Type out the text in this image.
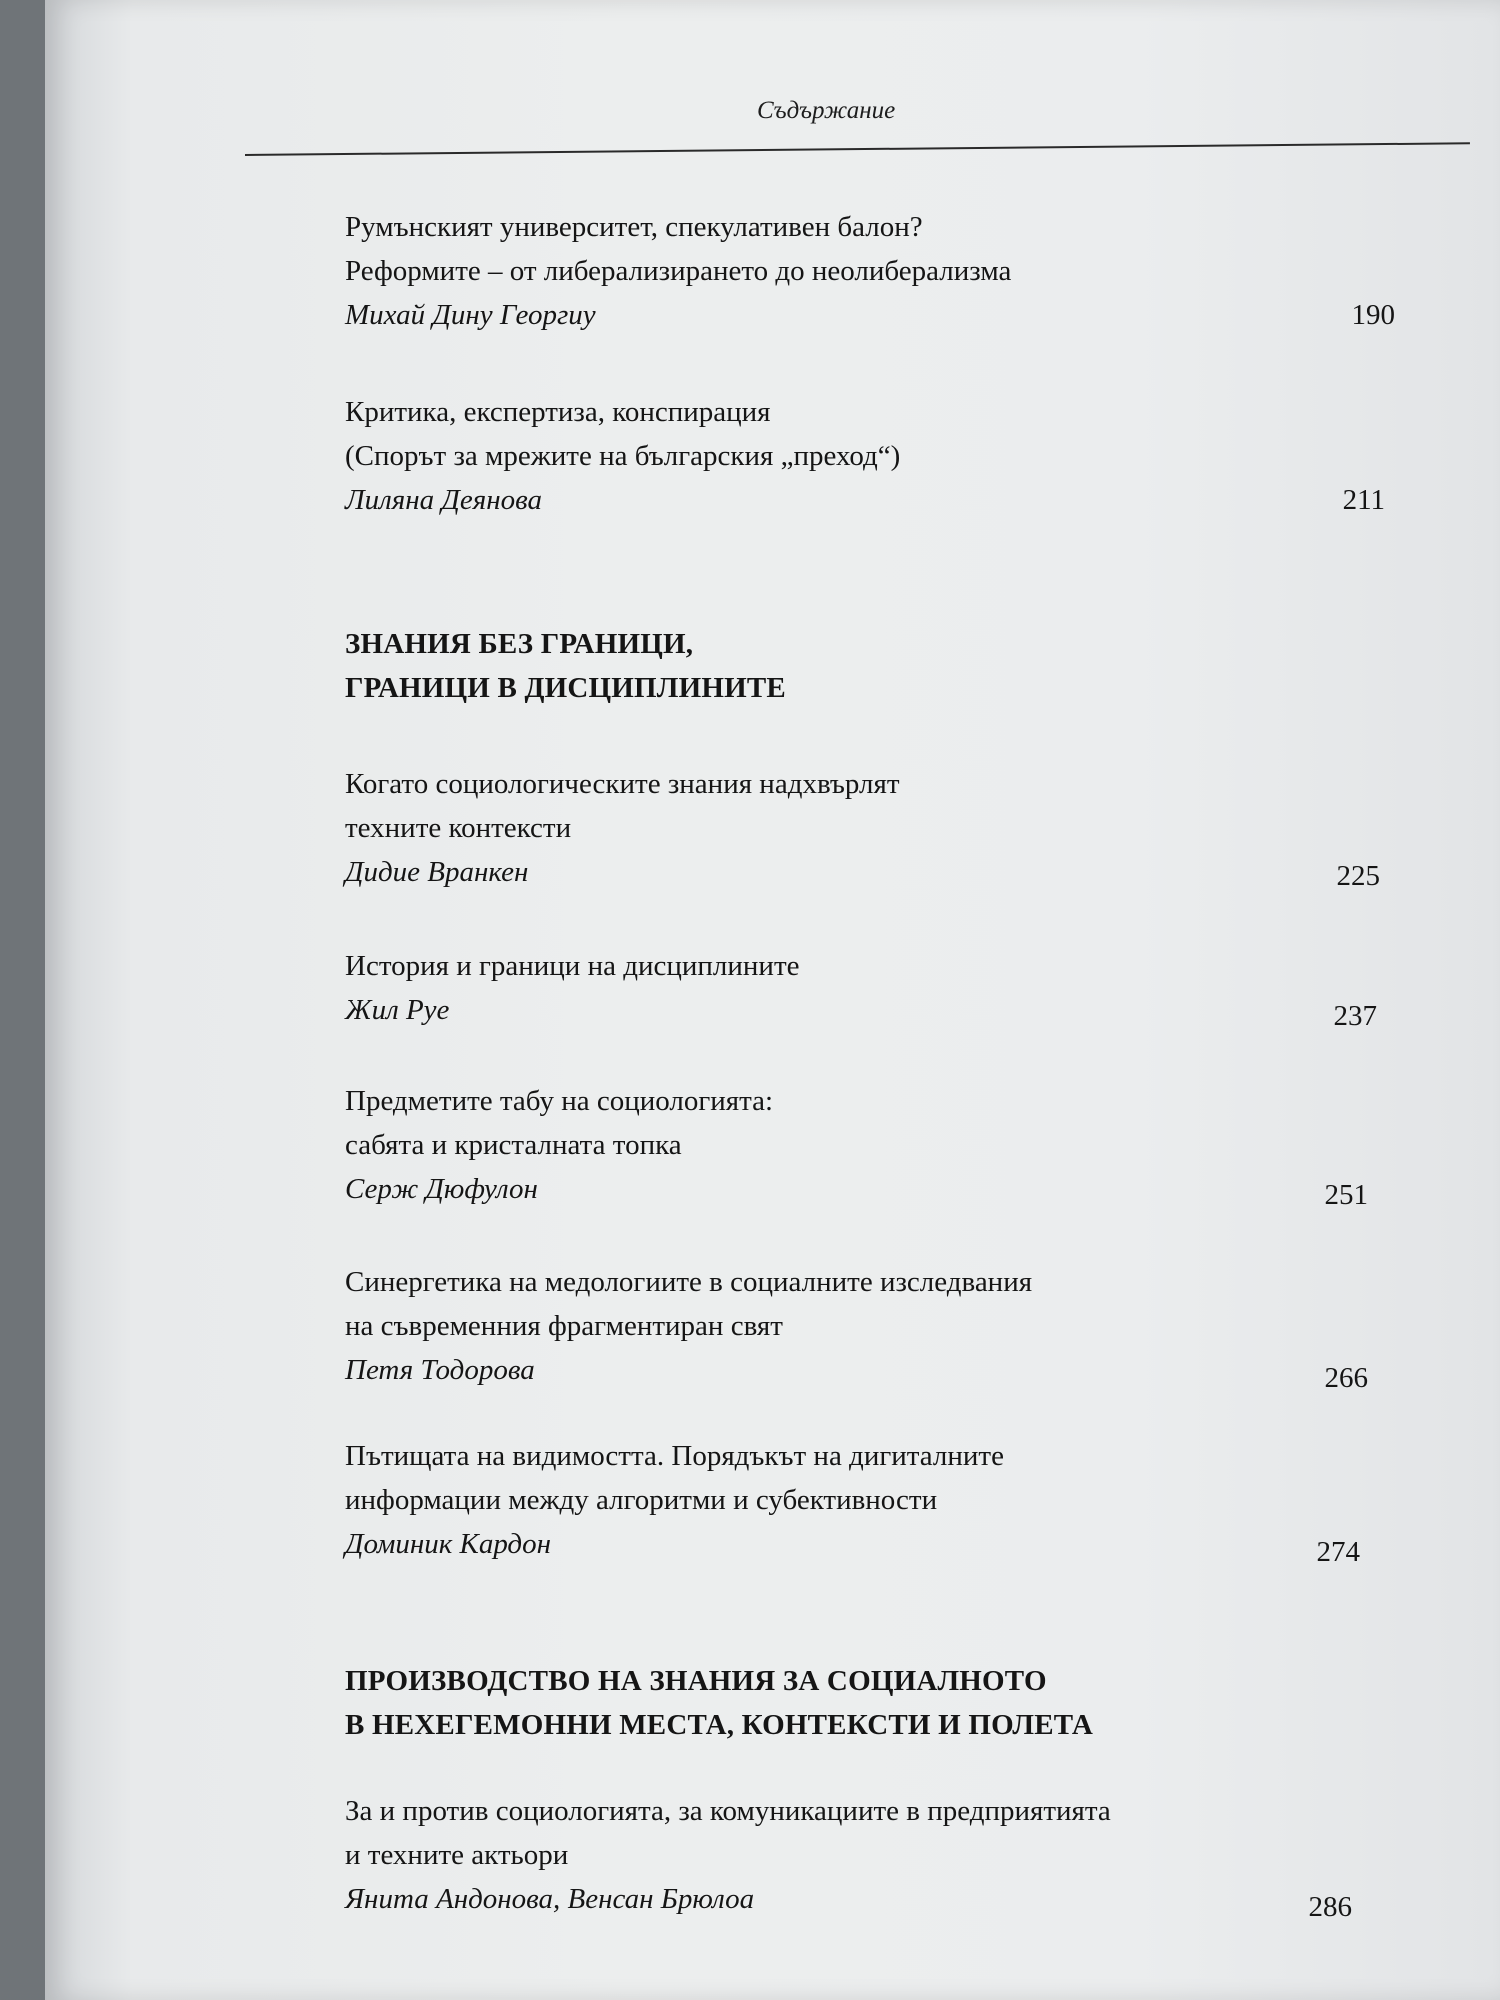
Съдържание
Румънският университет, спекулативен балон?
Реформите – от либерализирането до неолиберализма
Михай Дину Георгиу	190
Критика, експертиза, конспирация
(Спорът за мрежите на българския „преход“)
Лиляна Деянова	211
ЗНАНИЯ БЕЗ ГРАНИЦИ,
ГРАНИЦИ В ДИСЦИПЛИНИТЕ
Когато социологическите знания надхвърлят
техните контексти
Дидие Вранкен	225
История и граници на дисциплините
Жил Руе	237
Предметите табу на социологията:
сабята и кристалната топка
Серж Дюфулон	251
Синергетика на медологиите в социалните изследвания
на съвременния фрагментиран свят
Петя Тодорова	266
Пътищата на видимостта. Порядъкът на дигиталните
информации между алгоритми и субективности
Доминик Кардон	274
ПРОИЗВОДСТВО НА ЗНАНИЯ ЗА СОЦИАЛНОТО
В НЕХЕГЕМОННИ МЕСТА, КОНТЕКСТИ И ПОЛЕТА
За и против социологията, за комуникациите в предприятията
и техните актьори
Янита Андонова, Венсан Брюлоа	286
